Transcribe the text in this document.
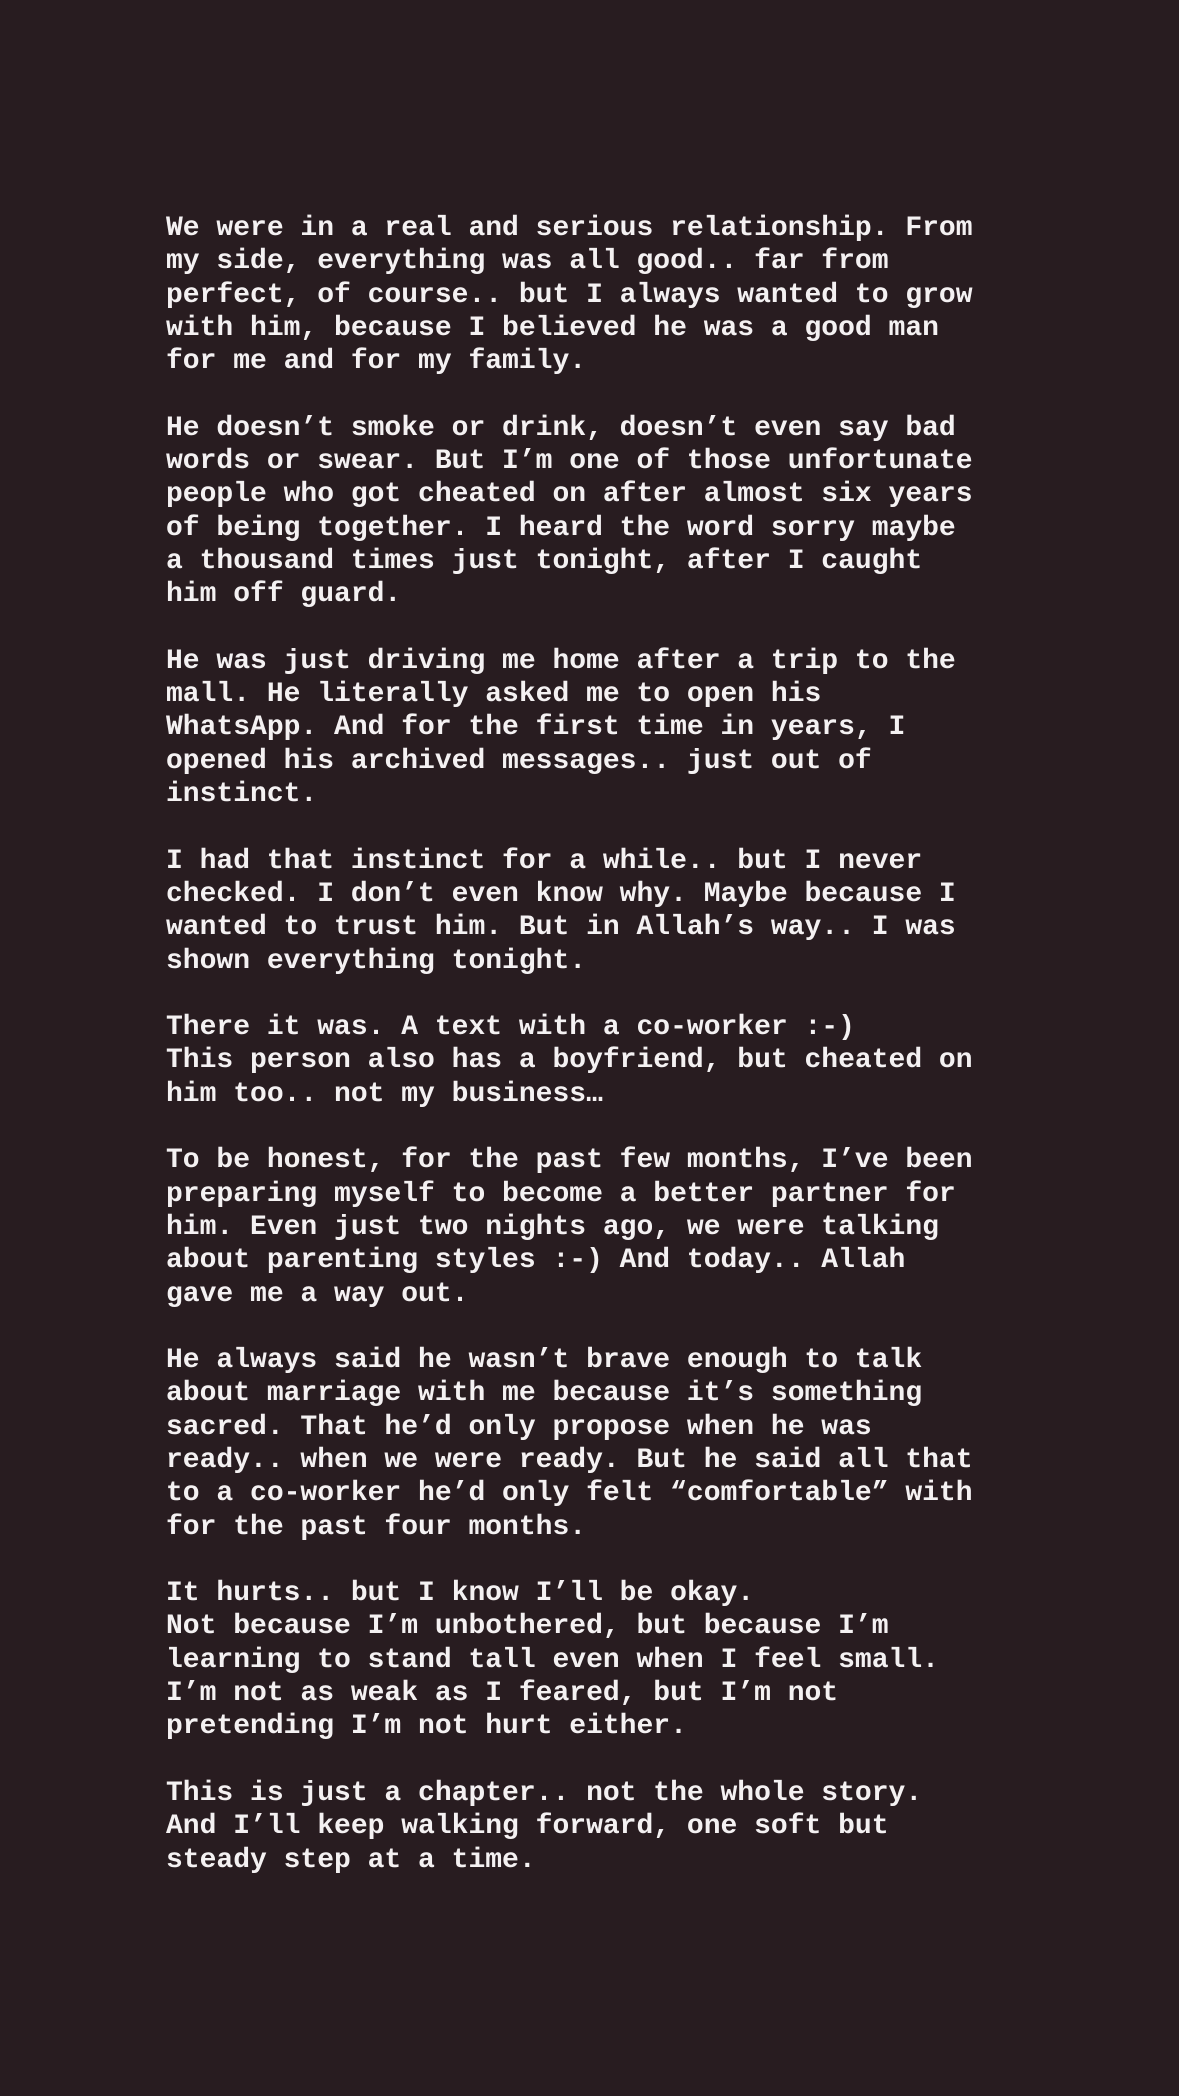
We were in a real and serious relationship. From
my side, everything was all good.. far from
perfect, of course.. but I always wanted to grow
with him, because I believed he was a good man
for me and for my family.
He doesn’t smoke or drink, doesn’t even say bad
words or swear. But I’m one of those unfortunate
people who got cheated on after almost six years
of being together. I heard the word sorry maybe
a thousand times just tonight, after I caught
him off guard.
He was just driving me home after a trip to the
mall. He literally asked me to open his
WhatsApp. And for the first time in years, I
opened his archived messages.. just out of
instinct.
I had that instinct for a while.. but I never
checked. I don’t even know why. Maybe because I
wanted to trust him. But in Allah’s way.. I was
shown everything tonight.
There it was. A text with a co-worker :-)
This person also has a boyfriend, but cheated on
him too.. not my business…
To be honest, for the past few months, I’ve been
preparing myself to become a better partner for
him. Even just two nights ago, we were talking
about parenting styles :-) And today.. Allah
gave me a way out.
He always said he wasn’t brave enough to talk
about marriage with me because it’s something
sacred. That he’d only propose when he was
ready.. when we were ready. But he said all that
to a co-worker he’d only felt “comfortable” with
for the past four months.
It hurts.. but I know I’ll be okay.
Not because I’m unbothered, but because I’m
learning to stand tall even when I feel small.
I’m not as weak as I feared, but I’m not
pretending I’m not hurt either.
This is just a chapter.. not the whole story.
And I’ll keep walking forward, one soft but
steady step at a time.
